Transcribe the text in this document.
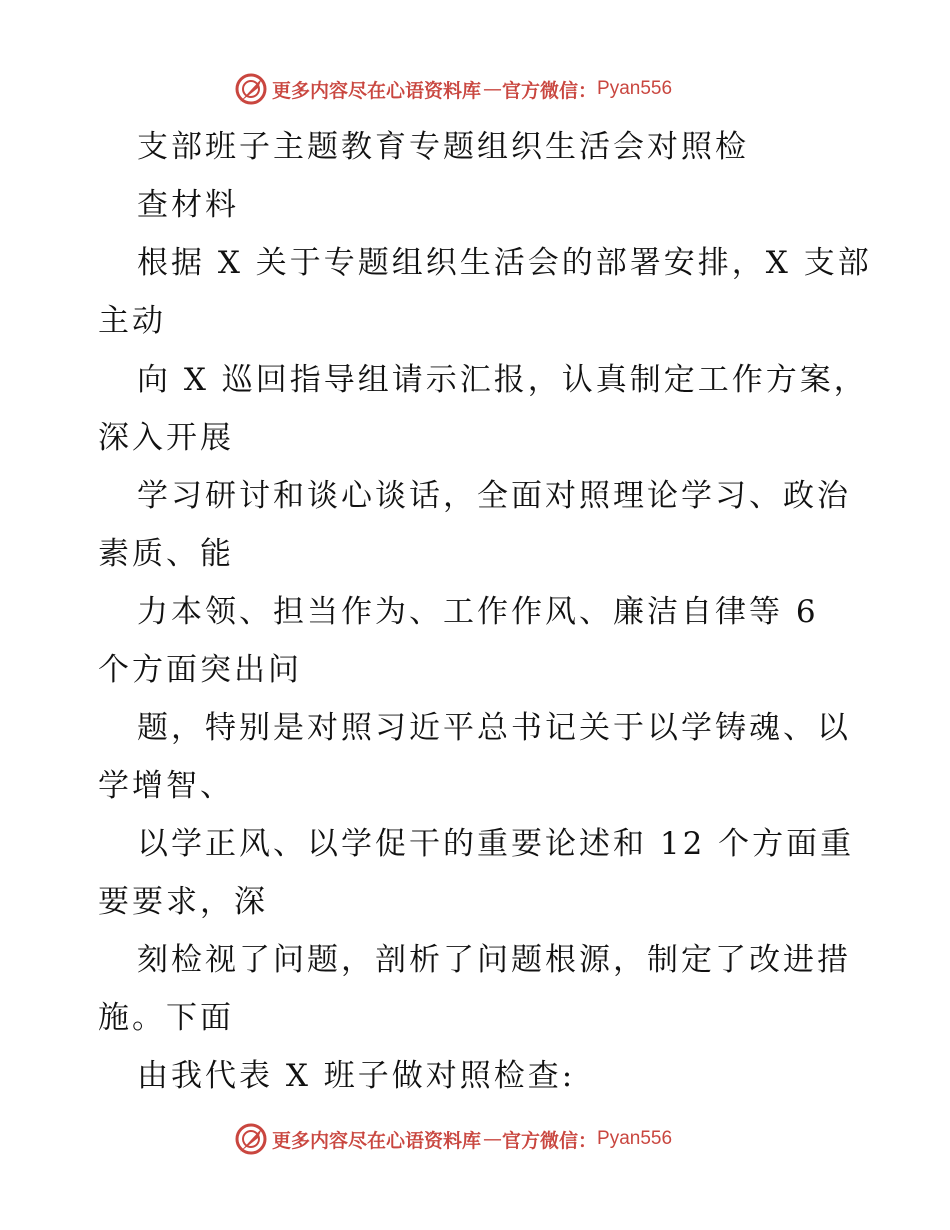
更多内容尽在心语资料库 — 官方微信： Pyan556
支部班子主题教育专题组织生活会对照检
查材料
根据 X 关于专题组织生活会的部署安排，X 支部
主动
向 X 巡回指导组请示汇报，认真制定工作方案，
深入开展
学习研讨和谈心谈话，全面对照理论学习、政治
素质、能
力本领、担当作为、工作作风、廉洁自律等 6
个方面突出问
题，特别是对照习近平总书记关于以学铸魂、以
学增智、
以学正风、以学促干的重要论述和 12 个方面重
要要求，深
刻检视了问题，剖析了问题根源，制定了改进措
施。下面
由我代表 X 班子做对照检查:
更多内容尽在心语资料库 — 官方微信： Pyan556
